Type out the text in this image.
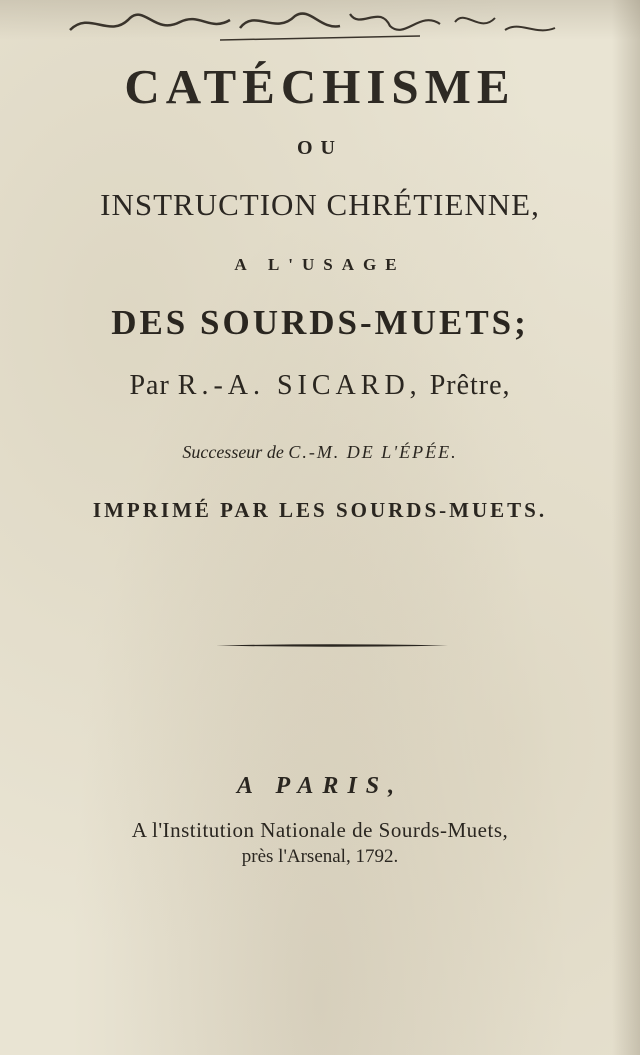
CATÉCHISME
OU
INSTRUCTION CHRÉTIENNE,
A L'USAGE
DES SOURDS-MUETS;
Par R.-A. SICARD, Prêtre,
Successeur de C.-M. DE L'ÉPÉE.
IMPRIMÉ PAR LES SOURDS-MUETS.
A PARIS,
A l'Institution Nationale de Sourds-Muets,
près l'Arsenal, 1792.
